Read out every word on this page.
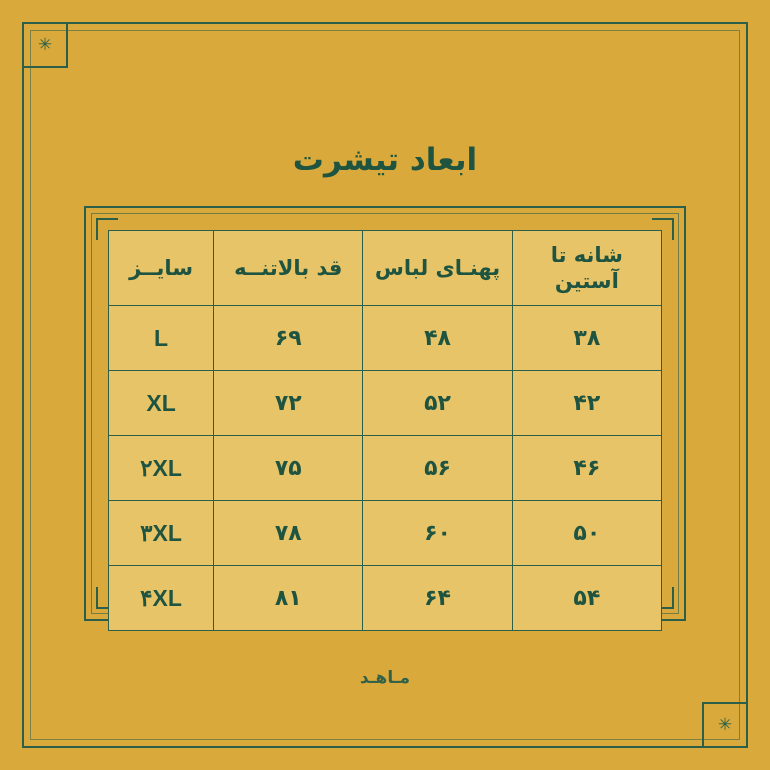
✳
✳
ابعاد تیشرت
شانه تا آستین	پهنـای لباس	قد بالاتنــه	سایــز
۳۸	۴۸	۶۹	L
۴۲	۵۲	۷۲	XL
۴۶	۵۶	۷۵	۲XL
۵۰	۶۰	۷۸	۳XL
۵۴	۶۴	۸۱	۴XL
مـاهـد
